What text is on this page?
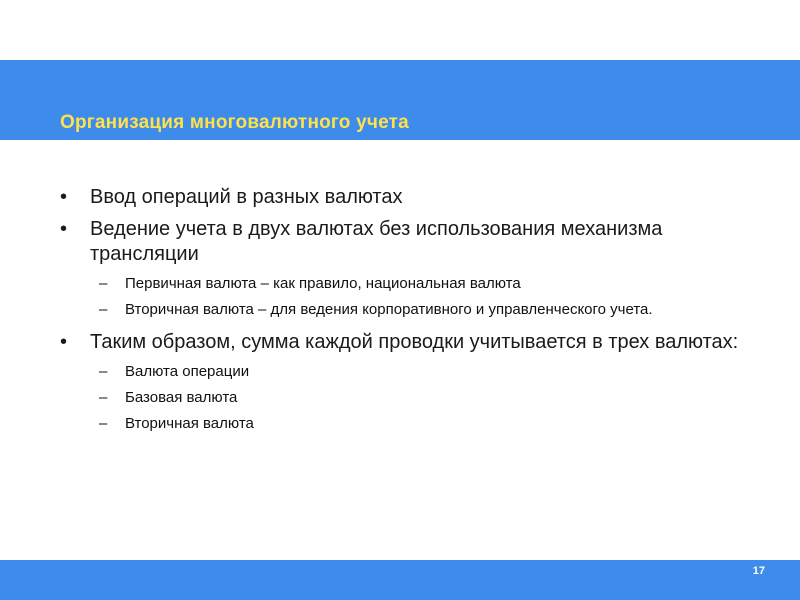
Организация многовалютного учета
• Ввод операций в разных валютах
• Ведение учета в двух валютах без использования механизма трансляции
– Первичная валюта – как правило, национальная валюта
– Вторичная валюта – для ведения корпоративного и управленческого учета.
• Таким образом, сумма каждой проводки учитывается в трех валютах:
– Валюта операции
– Базовая валюта
– Вторичная валюта
17
